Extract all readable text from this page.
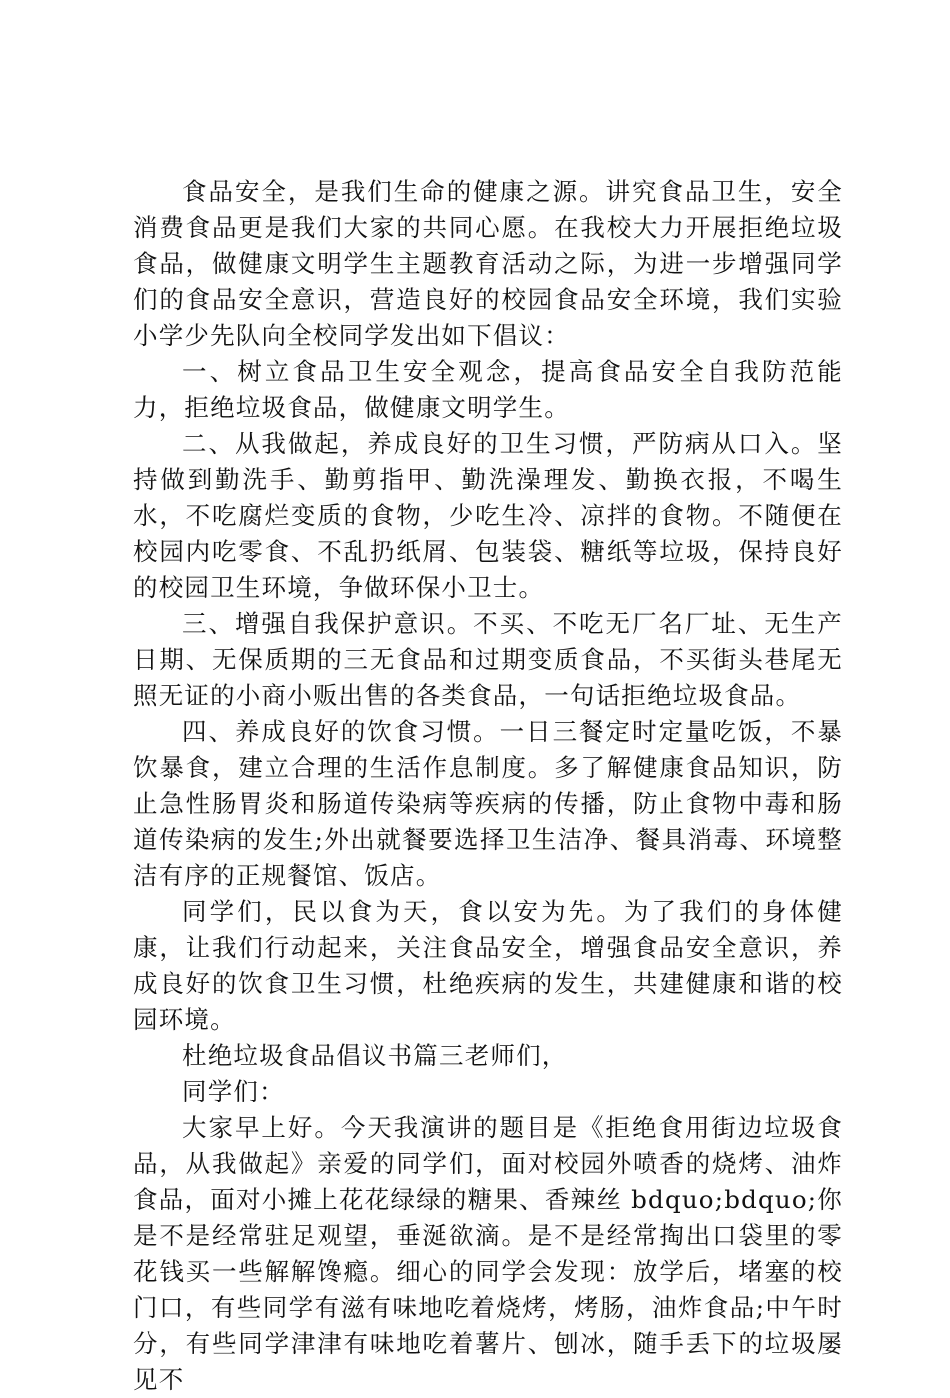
食品安全，是我们生命的健康之源。讲究食品卫生，安全消费食品更是我们大家的共同心愿。在我校大力开展拒绝垃圾食品，做健康文明学生主题教育活动之际，为进一步增强同学们的食品安全意识，营造良好的校园食品安全环境，我们实验小学少先队向全校同学发出如下倡议：

一、树立食品卫生安全观念，提高食品安全自我防范能力，拒绝垃圾食品，做健康文明学生。

二、从我做起，养成良好的卫生习惯，严防病从口入。坚持做到勤洗手、勤剪指甲、勤洗澡理发、勤换衣报，不喝生水，不吃腐烂变质的食物，少吃生冷、凉拌的食物。不随便在校园内吃零食、不乱扔纸屑、包装袋、糖纸等垃圾，保持良好的校园卫生环境，争做环保小卫士。

三、增强自我保护意识。不买、不吃无厂名厂址、无生产日期、无保质期的三无食品和过期变质食品，不买街头巷尾无照无证的小商小贩出售的各类食品，一句话拒绝垃圾食品。

四、养成良好的饮食习惯。一日三餐定时定量吃饭，不暴饮暴食，建立合理的生活作息制度。多了解健康食品知识，防止急性肠胃炎和肠道传染病等疾病的传播，防止食物中毒和肠道传染病的发生;外出就餐要选择卫生洁净、餐具消毒、环境整洁有序的正规餐馆、饭店。

同学们，民以食为天，食以安为先。为了我们的身体健康，让我们行动起来，关注食品安全，增强食品安全意识，养成良好的饮食卫生习惯，杜绝疾病的发生，共建健康和谐的校园环境。

杜绝垃圾食品倡议书篇三老师们，

同学们：

大家早上好。今天我演讲的题目是《拒绝食用街边垃圾食品，从我做起》亲爱的同学们，面对校园外喷香的烧烤、油炸食品，面对小摊上花花绿绿的糖果、香辣丝 bdquo;bdquo;你是不是经常驻足观望，垂涎欲滴。是不是经常掏出口袋里的零花钱买一些解解馋瘾。细心的同学会发现：放学后，堵塞的校门口，有些同学有滋有味地吃着烧烤，烤肠，油炸食品;中午时分，有些同学津津有味地吃着薯片、刨冰，随手丢下的垃圾屡见不
